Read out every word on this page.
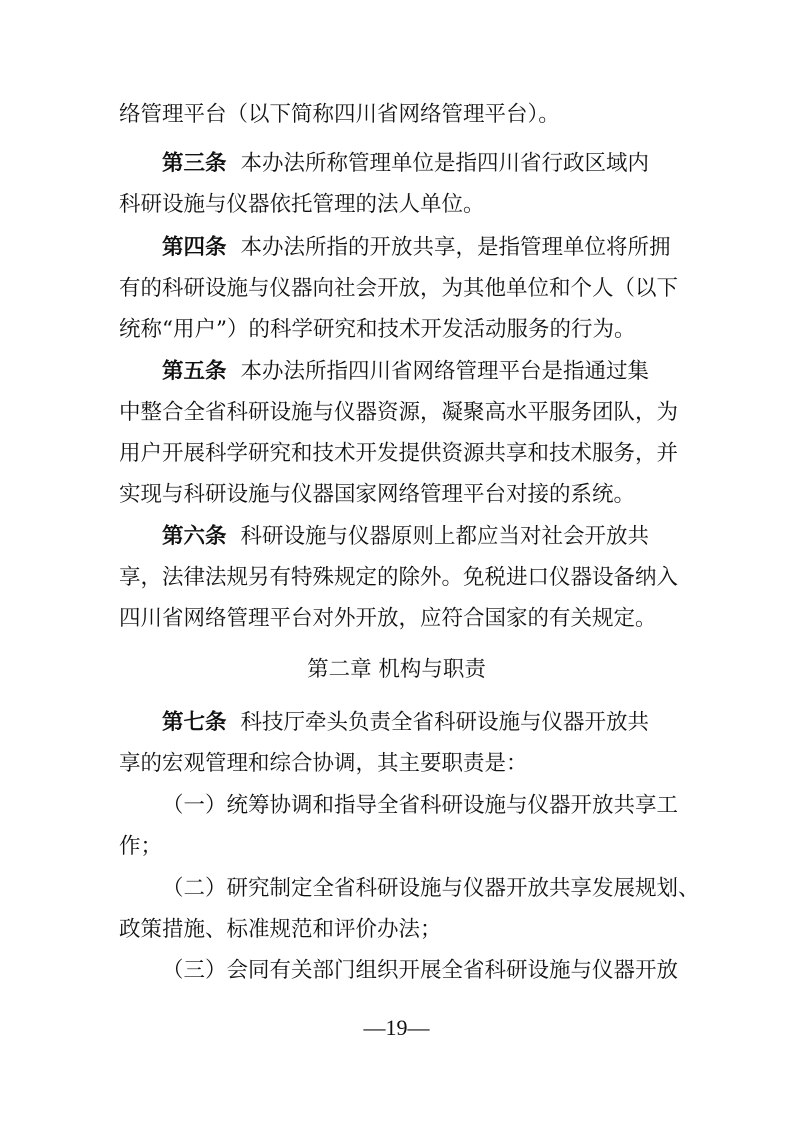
络管理平台（以下简称四川省网络管理平台）。

第三条 本办法所称管理单位是指四川省行政区域内

科研设施与仪器依托管理的法人单位。

第四条 本办法所指的开放共享，是指管理单位将所拥

有的科研设施与仪器向社会开放，为其他单位和个人（以下

统称“用户”）的科学研究和技术开发活动服务的行为。

第五条 本办法所指四川省网络管理平台是指通过集

中整合全省科研设施与仪器资源，凝聚高水平服务团队，为

用户开展科学研究和技术开发提供资源共享和技术服务，并

实现与科研设施与仪器国家网络管理平台对接的系统。

第六条 科研设施与仪器原则上都应当对社会开放共

享，法律法规另有特殊规定的除外。免税进口仪器设备纳入

四川省网络管理平台对外开放，应符合国家的有关规定。

第二章 机构与职责

第七条 科技厅牵头负责全省科研设施与仪器开放共

享的宏观管理和综合协调，其主要职责是：

（一）统筹协调和指导全省科研设施与仪器开放共享工

作；

（二）研究制定全省科研设施与仪器开放共享发展规划、

政策措施、标准规范和评价办法；

（三）会同有关部门组织开展全省科研设施与仪器开放

—19—
